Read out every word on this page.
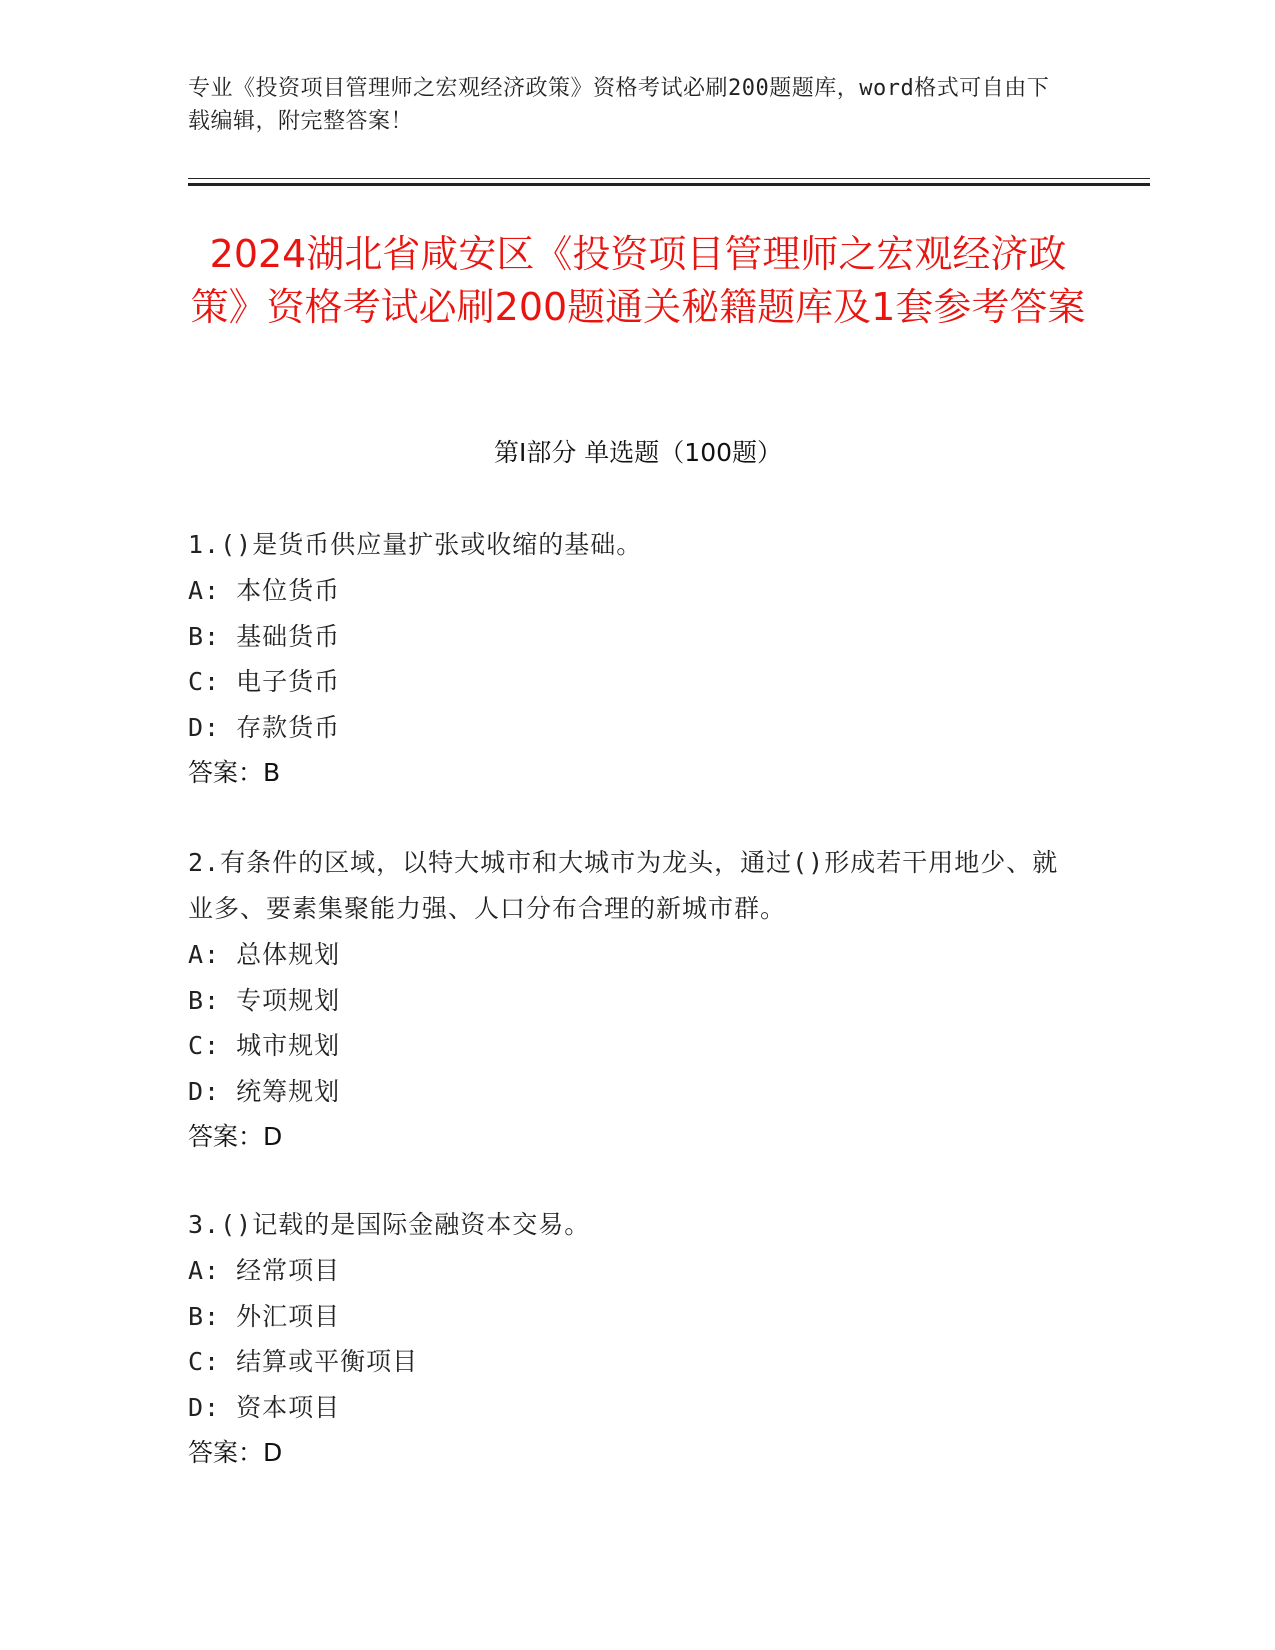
专业《投资项目管理师之宏观经济政策》资格考试必刷200题题库，word格式可自由下载编辑，附完整答案！
2024湖北省咸安区《投资项目管理师之宏观经济政策》资格考试必刷200题通关秘籍题库及1套参考答案
第Ⅰ部分 单选题（100题）

1.()是货币供应量扩张或收缩的基础。

A: 本位货币

B: 基础货币

C: 电子货币

D: 存款货币

答案：B

2.有条件的区域，以特大城市和大城市为龙头，通过()形成若干用地少、就业多、要素集聚能力强、人口分布合理的新城市群。

A: 总体规划

B: 专项规划

C: 城市规划

D: 统筹规划

答案：D

3.()记载的是国际金融资本交易。

A: 经常项目

B: 外汇项目

C: 结算或平衡项目

D: 资本项目

答案：D
